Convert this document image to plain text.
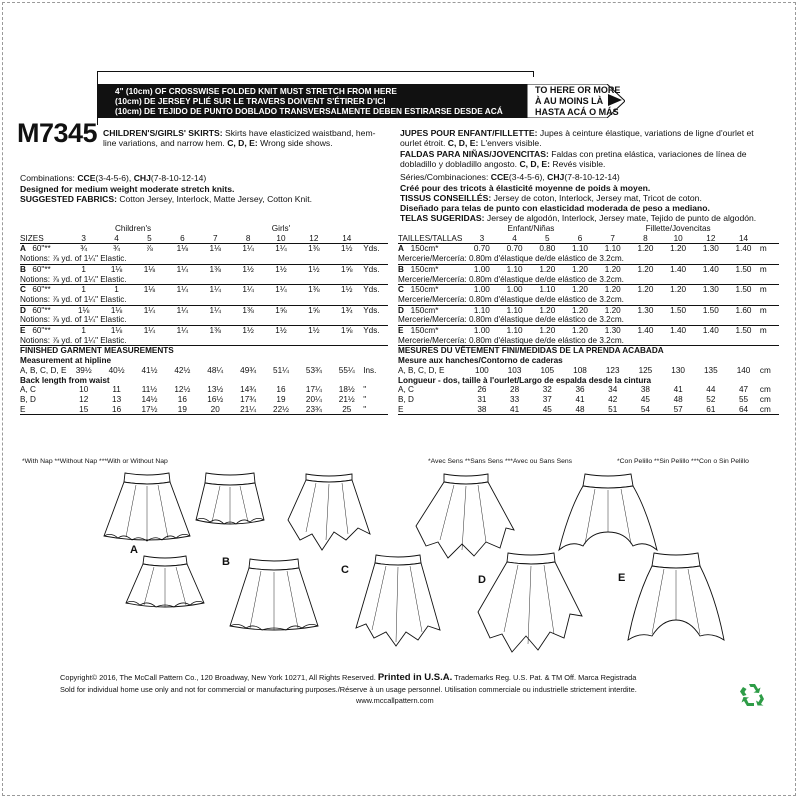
4" (10cm) OF CROSSWISE FOLDED KNIT MUST STRETCH FROM HERE
(10cm) DE JERSEY PLIÉ SUR LE TRAVERS DOIVENT S'ÉTIRER D'ICI
(10cm) DE TEJIDO DE PUNTO DOBLADO TRANSVERSALMENTE DEBEN ESTIRARSE DESDE ACÁ
TO HERE OR MORE
À AU MOINS LÀ
HASTA ACÁ O MÁS
M7345 CHILDREN'S/GIRLS' SKIRTS: Skirts have elasticized waistband, hem-
line variations, and narrow hem. C, D, E: Wrong side shows.
Combinations: CCE(3-4-5-6), CHJ(7-8-10-12-14)
Designed for medium weight moderate stretch knits.
SUGGESTED FABRICS: Cotton Jersey, Interlock, Matte Jersey, Cotton Knit.
		Children's				Girls'					
SIZES		3	4	5	6	7	8	10	12	14	
A	60"**	¾	¾	⅞	1⅛	1⅛	1¼	1¼	1⅜	1½	Yds.
Notions: ⅞ yd. of 1¼" Elastic.											
B	60"**	1	1⅛	1⅛	1¼	1⅜	1½	1½	1½	1⅝	Yds.
Notions: ⅞ yd. of 1¼" Elastic.											
C	60"**	1	1	1⅛	1¼	1¼	1¼	1¼	1⅜	1½	Yds.
Notions: ⅞ yd. of 1¼" Elastic.											
D	60"**	1⅛	1⅛	1¼	1¼	1¼	1⅜	1⅝	1⅝	1¾	Yds.
Notions: ⅞ yd. of 1¼" Elastic.											
E	60"**	1	1⅛	1¼	1¼	1⅜	1½	1½	1½	1⅝	Yds.
Notions: ⅞ yd. of 1¼" Elastic.											
FINISHED GARMENT MEASUREMENTS											
Measurement at hipline											
A, B, C, D, E		39½	40½	41½	42½	48¼	49¾	51¼	53¾	55¼	Ins.
Back length from waist											
A, C		10	11	11½	12½	13½	14¾	16	17¼	18½	"
B, D		12	13	14½	16	16½	17¾	19	20¼	21½	"
E		15	16	17½	19	20	21¼	22½	23¾	25	"
*With Nap **Without Nap ***With or Without Nap
JUPES POUR ENFANT/FILLETTE: Jupes à ceinture élastique, variations de ligne d'ourlet et
ourlet étroit. C, D, E: L'envers visible.
FALDAS PARA NIÑAS/JOVENCITAS: Faldas con pretina elástica, variaciones de línea de
dobladillo y dobladillo angosto. C, D, E: Revés visible.
Séries/Combinaciones: CCE(3-4-5-6), CHJ(7-8-10-12-14)
Créé pour des tricots à élasticité moyenne de poids à moyen.
TISSUS CONSEILLÉS: Jersey de coton, Interlock, Jersey mat, Tricot de coton.
Diseñado para telas de punto con elasticidad moderada de peso a mediano.
TELAS SUGERIDAS: Jersey de algodón, Interlock, Jersey mate, Tejido de punto de algodón.
		Enfant/Niñas				Fillette/Jovencitas					
TAILLES/TALLAS		3	4	5	6	7	8	10	12	14	
A	150cm*	0.70	0.70	0.80	1.10	1.10	1.20	1.20	1.30	1.40	m
Mercerie/Mercería: 0.80m d'élastique de/de elástico de 3.2cm.											
B	150cm*	1.00	1.10	1.20	1.20	1.20	1.20	1.40	1.40	1.50	m
Mercerie/Mercería: 0.80m d'élastique de/de elástico de 3.2cm.											
C	150cm*	1.00	1.00	1.10	1.20	1.20	1.20	1.20	1.30	1.50	m
Mercerie/Mercería: 0.80m d'élastique de/de elástico de 3.2cm.											
D	150cm*	1.10	1.10	1.20	1.20	1.20	1.30	1.50	1.50	1.60	m
Mercerie/Mercería: 0.80m d'élastique de/de elástico de 3.2cm.											
E	150cm*	1.00	1.10	1.20	1.20	1.30	1.40	1.40	1.40	1.50	m
Mercerie/Mercería: 0.80m d'élastique de/de elástico de 3.2cm.											
MESURES DU VÊTEMENT FINI/MEDIDAS DE LA PRENDA ACABADA											
Mesure aux hanches/Contorno de caderas											
A, B, C, D, E		100	103	105	108	123	125	130	135	140	cm
Longueur - dos, taille à l'ourlet/Largo de espalda desde la cintura											
A, C		26	28	32	36	34	38	41	44	47	cm
B, D		31	33	37	41	42	45	48	52	55	cm
E		38	41	45	48	51	54	57	61	64	cm
*Avec Sens **Sans Sens ***Avec ou Sans Sens	*Con Pelillo **Sin Pelillo ***Con o Sin Pelillo
A
B
C
D	E
Copyright© 2016, The McCall Pattern Co., 120 Broadway, New York 10271, All Rights Reserved. Printed in U.S.A. Trademarks Reg. U.S. Pat. & TM Off. Marca Registrada
Sold for individual home use only and not for commercial or manufacturing purposes./Réserve à un usage personnel. Utilisation commerciale ou industrielle strictement interdite.
www.mccallpattern.com
